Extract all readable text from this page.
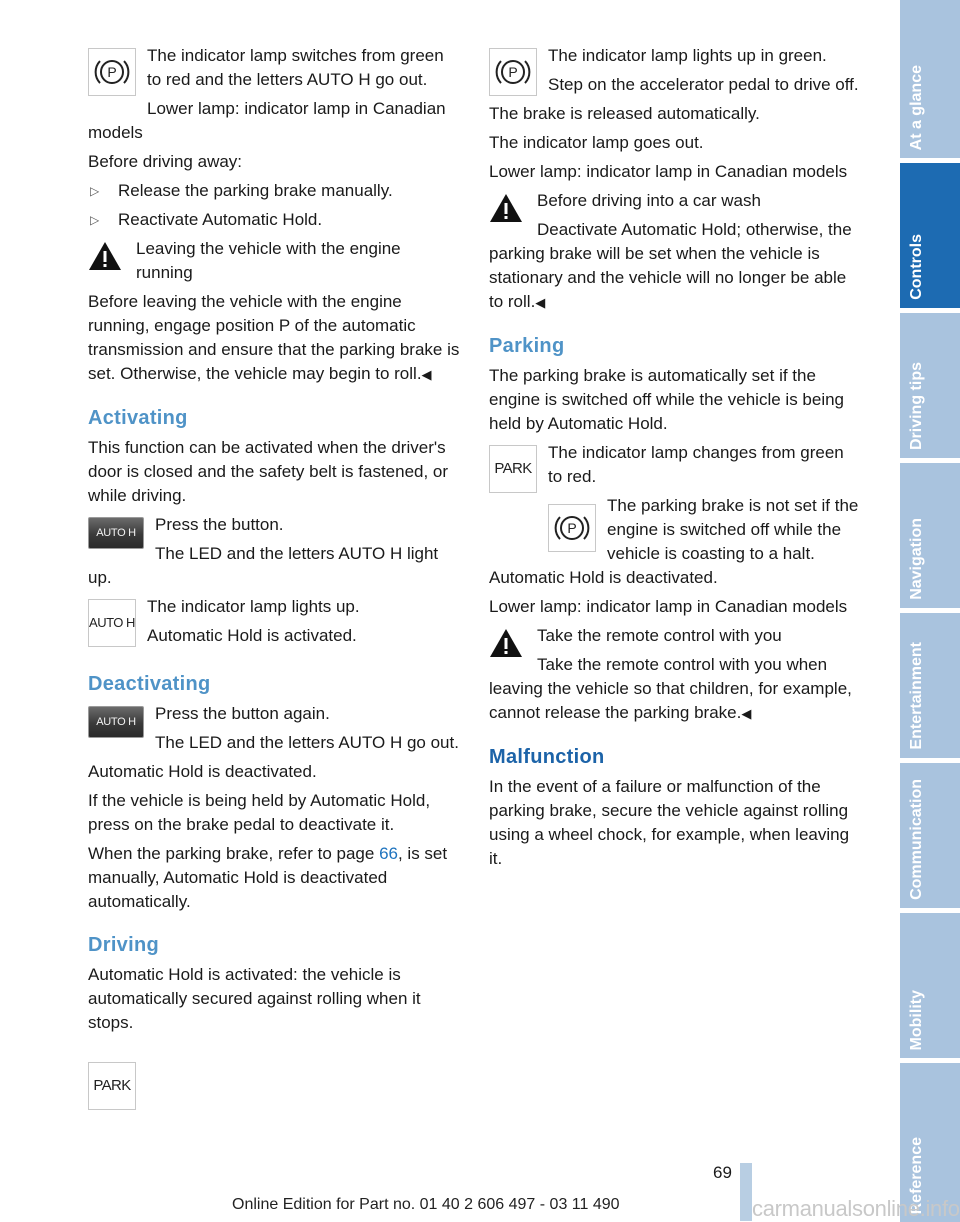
P

The indicator lamp switches from green to red and the letters AUTO H go out.

Lower lamp: indicator lamp in Canadian models

Before driving away:

▷ Release the parking brake manually.
▷ Reactivate Automatic Hold.

Leaving the vehicle with the engine running

Before leaving the vehicle with the engine running, engage position P of the automatic transmission and ensure that the parking brake is set. Otherwise, the vehicle may begin to roll.◀

Activating

This function can be activated when the driver's door is closed and the safety belt is fastened, or while driving.

AUTO H	Press the button.

The LED and the letters AUTO H light up.

AUTO H

The indicator lamp lights up.

Automatic Hold is activated.

Deactivating
AUTO H	Press the button again.

The LED and the letters AUTO H go out.

Automatic Hold is deactivated.

If the vehicle is being held by Automatic Hold, press on the brake pedal to deactivate it.

When the parking brake, refer to page 66, is set manually, Automatic Hold is deactivated automatically.

Driving

Automatic Hold is activated: the vehicle is automatically secured against rolling when it stops.

PARK
P

The indicator lamp lights up in green.

Step on the accelerator pedal to drive off.

The brake is released automatically.

The indicator lamp goes out.

Lower lamp: indicator lamp in Canadian models

Before driving into a car wash

Deactivate Automatic Hold; otherwise, the parking brake will be set when the vehicle is stationary and the vehicle will no longer be able to roll.◀

Parking

The parking brake is automatically set if the engine is switched off while the vehicle is being held by Automatic Hold.

PARK

The indicator lamp changes from green to red.

P

The parking brake is not set if the engine is switched off while the vehicle is coasting to a halt. Automatic Hold is deactivated.

Lower lamp: indicator lamp in Canadian models

Take the remote control with you

Take the remote control with you when leaving the vehicle so that children, for example, cannot release the parking brake.◀

Malfunction

In the event of a failure or malfunction of the parking brake, secure the vehicle against rolling using a wheel chock, for example, when leaving it.

At a glance
Controls
Driving tips
Navigation
Entertainment
Communication
Mobility
Reference
69
Online Edition for Part no. 01 40 2 606 497 - 03 11 490	carmanualsonline.info
